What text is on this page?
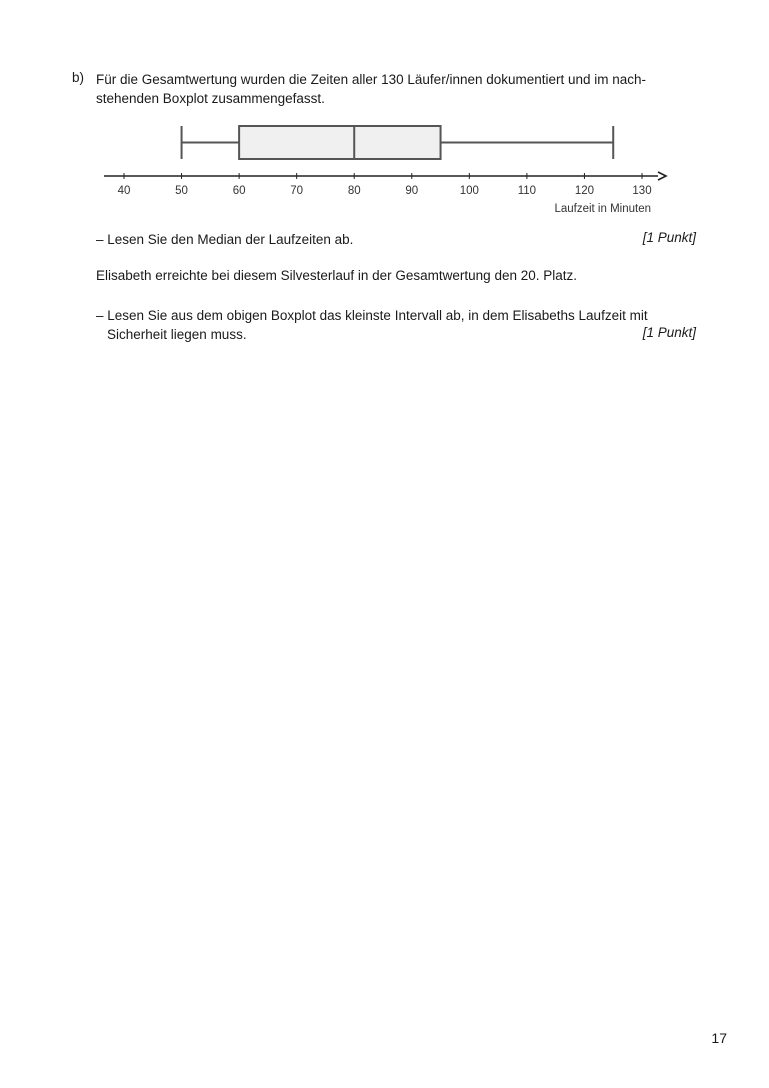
b) Für die Gesamtwertung wurden die Zeiten aller 130 Läufer/innen dokumentiert und im nach-
stehenden Boxplot zusammengefasst.
40	50	60	70	80	90	100	110	120	130
Laufzeit in Minuten
– Lesen Sie den Median der Laufzeiten ab.	[1 Punkt]
Elisabeth erreichte bei diesem Silvesterlauf in der Gesamtwertung den 20. Platz.
– Lesen Sie aus dem obigen Boxplot das kleinste Intervall ab, in dem Elisabeths Laufzeit mit
Sicherheit liegen muss.	[1 Punkt]
17
